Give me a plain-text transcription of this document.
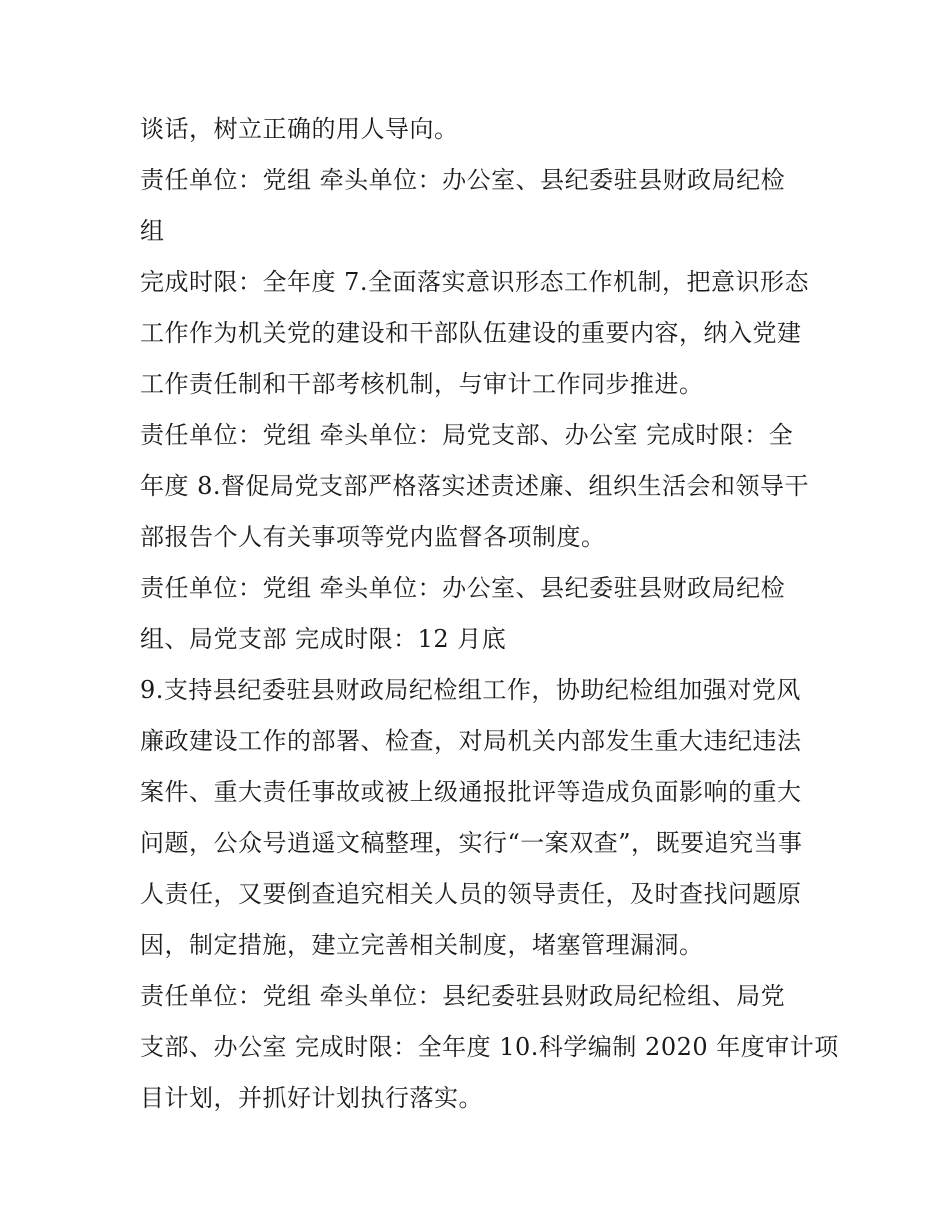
谈话，树立正确的用人导向。
责任单位：党组 牵头单位：办公室、县纪委驻县财政局纪检
组
完成时限：全年度 7.全面落实意识形态工作机制，把意识形态
工作作为机关党的建设和干部队伍建设的重要内容，纳入党建
工作责任制和干部考核机制，与审计工作同步推进。
责任单位：党组 牵头单位：局党支部、办公室 完成时限：全
年度 8.督促局党支部严格落实述责述廉、组织生活会和领导干
部报告个人有关事项等党内监督各项制度。
责任单位：党组 牵头单位：办公室、县纪委驻县财政局纪检
组、局党支部 完成时限：12 月底
9.支持县纪委驻县财政局纪检组工作，协助纪检组加强对党风
廉政建设工作的部署、检查，对局机关内部发生重大违纪违法
案件、重大责任事故或被上级通报批评等造成负面影响的重大
问题，公众号逍遥文稿整理，实行“一案双查”，既要追究当事
人责任，又要倒查追究相关人员的领导责任，及时查找问题原
因，制定措施，建立完善相关制度，堵塞管理漏洞。
责任单位：党组 牵头单位：县纪委驻县财政局纪检组、局党
支部、办公室 完成时限：全年度 10.科学编制 2020 年度审计项
目计划，并抓好计划执行落实。
